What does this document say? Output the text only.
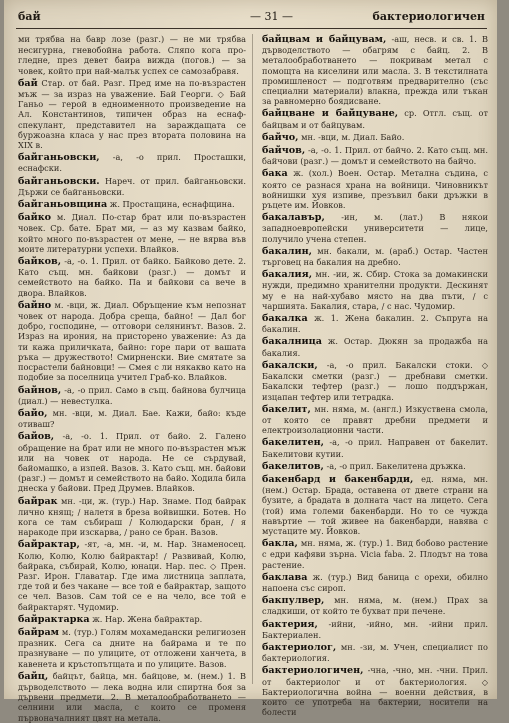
бай	— 31 —	бактериологичен

ми трябва на бавр лозе (разг.) — не ми трябва несигурна, гневобойна работа. Сляпо кога про-гледне, през девет баира вижда (погов.) — за човек, който при най-малък успех се самозабравя.

бай Стар. от бай. Разг. Пред име на по-възрастен мъж — за израз на уважение. Бай Георги. ◇ Бай Ганьо — герой в едноименното произведение на Ал. Константинов, типичен образ на еснаф-спекулант, представител на зараждащата се буржоазна класа у нас през втората половина на XIX в.

байганьовски, -а, -о прил. Просташки, еснафски.

байганьовски. Нареч. от прил. байганьовски. Държи се байганьовски.

байганьовщина ж. Простащина, еснафщина.

байко м. Диал. По-стар брат или по-възрастен човек. Ср. бате. Брат ми, — аз му казвам байко, който много по-възрастен от мене, — не вярва във моите литературни успехи. Влайков.

байков, -а, -о. 1. Прил. от байко. Байково дете. 2. Като същ. мн. байкови (разг.) — домът и семейството на байко. Па и байкови са вече в двора. Влайков.

байно м. -вци, ж. Диал. Обръщение към непознат човек от народа. Добра среща, байно! — Дал бог добро, господине, — отговори селянинът. Вазов. 2. Израз на ирония, на присторено уважение: Аз да ти кажа приличката, байно: горе пари от вашата ръка — дружеството! Смирненски. Вие смятате за посрастели байновци! — Смея с ли някакво като на подобие за поселница учител Граб-ко. Влайков.

байнов, -а, -о прил. Само в същ. байнова булчица (диал.) — невестулка.

байо, мн. -вци, м. Диал. Бае. Кажи, байо: къде отиваш?

байов, -а, -о. 1. Прил. от байо. 2. Галено обращение на брат или не много по-възрастен мъж или на човек от народа. Не се сърдувай, байомашко, а изпей. Вазов. 3. Като същ. мн. байови (разг.) — домът и семейството на байо. Ходила била днеска у байови. Пред Друмев. Влайков.

байрак мн. -ци, ж. (тур.) Нар. Знаме. Под байрак лично княщ; / налетя в бреза войвишки. Ботев. Но кога се там събираш / Колюдарски бран, / я наракоде при изскарва, / рано се бран. Вазов.

байрактар, -ят, -а, мн. -и, м. Нар. Знаменосец. Колю, Колю, Колю байрактар! / Развивай, Колю, байрака, събирай, Колю, юнаци. Нар. пес. ◇ Прен. Разг. Ирон. Главатар. Где има листница заплата, где той и без чакане — все той е байрактар, защото се чел. Вазов. Сам той се е на чело, все той е байрактарят. Чудомир.

байрактарка ж. Нар. Жена байрактар.

байрам м. (тур.) Голям мохамедански религиозен празник. Сега са дните на байрама и те по празнуване — по улиците, от отложени ханчета, в кавенета и кръстопътщата и по улиците. Вазов.

байц, байцът, байца, мн. байцове, м. (нем.) 1. В дърводелството — лека водна или спиртна боя за дървени предмети. 2. В металообработването — селнини или масла, с които се променя първоначалният цвят на метала.

байцвам и байцувам, -аш, несв. и св. 1. В дърводелството — обагрям с байц. 2. В металообработването — покривам метал с помощта на киселини или масла. 3. В текстилната промишленост — подготвям предварително (със специални материали) влакна, прежда или тъкан за равномерно боядисване.

байцване и байцуване, ср. Отгл. същ. от байцвам и от байцувам.

байчо, мн. -вци, м. Диал. Байо.

байчов, -а, -о. 1. Прил. от байчо. 2. Като същ. мн. байчови (разг.) — домът и семейството на байчо.

бака ж. (хол.) Воен. Остар. Метална съдина, с която се разнася храна на войници. Чиновникът войнишки хуя изпиве, презъвил баки дръжки в ръцете им. Йовков.

бакалавър, -ин, м. (лат.) В някои западноевропейски университети — лице, получило учена степен.

бакалин, мн. бакали, м. (араб.) Остар. Частен търговец на бакалия на дребно.

бакалия, мн. -ии, ж. Сбир. Стока за домакински нужди, предимно хранителни продукти. Дескинят му е на най-хубаво място на два пъти, / с чаршията. Бакалия, стара, / с нас. Чудомир.

бакалка ж. 1. Жена бакалин. 2. Съпруга на бакалин.

бакалница ж. Остар. Дюкян за продажба на бакалия.

бакалски, -а, -о прил. Бакалски стоки. ◇ Бакалски сметки (разг.) — дребнави сметки. Бакалски тефтер (разг.) — лошо поддържан, изцапан тефтер или тетрадка.

бакелит, мн. няма, м. (англ.) Изкуствена смола, от която се правят дребни предмети и електроизолационни части.

бакелитен, -а, -о прил. Направен от бакелит. Бакелитови кутии.

бакелитов, -а, -о прил. Бакелитена дръжка.

бакенбард и бакенбарди, ед. няма, мн. (нем.) Остар. Брада, оставена от двете страни на бузите, а брадата в долната част на лицето. Сега (той) има големи бакенбарди. Но то се чужда навъртие — той живее на бакенбарди, навява с мустаците му. Йовков.

бакла, мн. няма, ж. (тур.) 1. Вид бобово растение с едри кафяви зърна. Vicia faba. 2. Плодът на това растение.

баклава ж. (тур.) Вид баница с орехи, обилно напоена със сироп.

бакпулвер, мн. няма, м. (нем.) Прах за сладкиши, от който те бухват при печене.

бактерия, -ийни, -ийно, мн. -ийни прил. Бактериален.

бактериолог, мн. -зи, м. Учен, специалист по бактериология.

бактериологичен, -чна, -чно, мн. -чни. Прил. от бактериолог и от бактериология. ◇ Бактериологична война — военни действия, в които се употреба на бактерии, носители на болести
